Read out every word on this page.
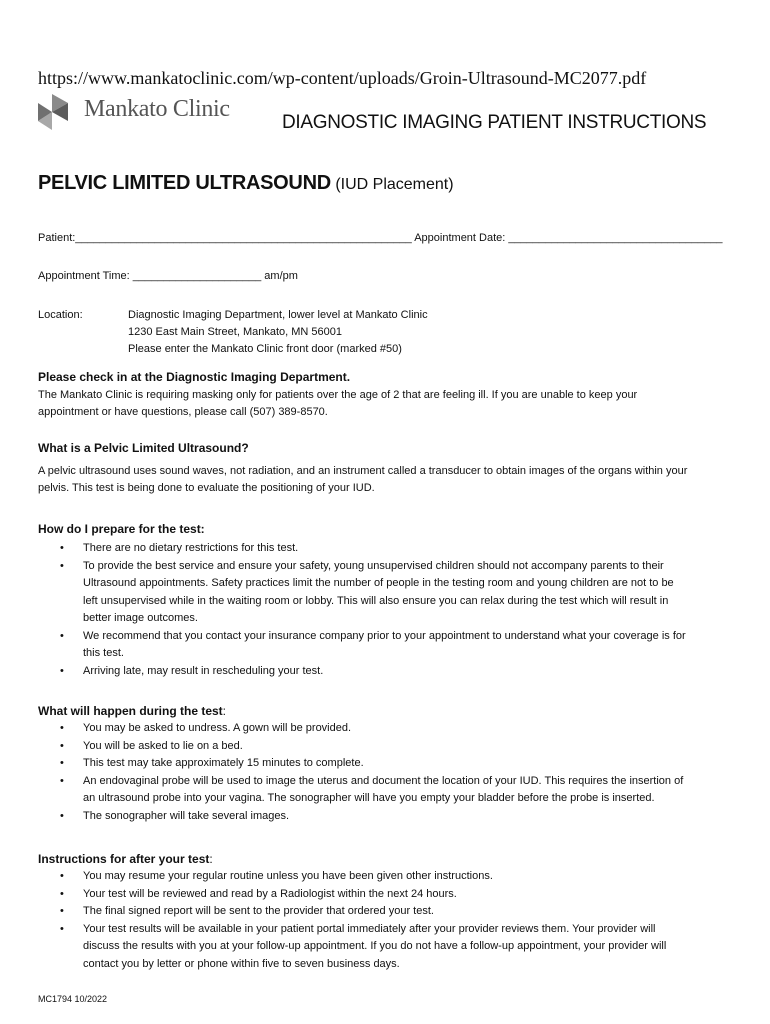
https://www.mankatoclinic.com/wp-content/uploads/Groin-Ultrasound-MC2077.pdf
Mankato Clinic
DIAGNOSTIC IMAGING PATIENT INSTRUCTIONS
PELVIC LIMITED ULTRASOUND (IUD Placement)
Patient:_______________________________________________________ Appointment Date: ___________________________________
Appointment Time: _____________________ am/pm
Location:	Diagnostic Imaging Department, lower level at Mankato Clinic
1230 East Main Street, Mankato, MN 56001
Please enter the Mankato Clinic front door (marked #50)
Please check in at the Diagnostic Imaging Department.
The Mankato Clinic is requiring masking only for patients over the age of 2 that are feeling ill. If you are unable to keep your
appointment or have questions, please call (507) 389-8570.
What is a Pelvic Limited Ultrasound?
A pelvic ultrasound uses sound waves, not radiation, and an instrument called a transducer to obtain images of the organs within your
pelvis. This test is being done to evaluate the positioning of your IUD.
How do I prepare for the test:
• There are no dietary restrictions for this test.
• To provide the best service and ensure your safety, young unsupervised children should not accompany parents to their
Ultrasound appointments. Safety practices limit the number of people in the testing room and young children are not to be
left unsupervised while in the waiting room or lobby. This will also ensure you can relax during the test which will result in
better image outcomes.
• We recommend that you contact your insurance company prior to your appointment to understand what your coverage is for
this test.
• Arriving late, may result in rescheduling your test.
What will happen during the test:
• You may be asked to undress. A gown will be provided.
• You will be asked to lie on a bed.
• This test may take approximately 15 minutes to complete.
• An endovaginal probe will be used to image the uterus and document the location of your IUD. This requires the insertion of
an ultrasound probe into your vagina. The sonographer will have you empty your bladder before the probe is inserted.
• The sonographer will take several images.
Instructions for after your test:
• You may resume your regular routine unless you have been given other instructions.
• Your test will be reviewed and read by a Radiologist within the next 24 hours.
• The final signed report will be sent to the provider that ordered your test.
• Your test results will be available in your patient portal immediately after your provider reviews them. Your provider will
discuss the results with you at your follow-up appointment. If you do not have a follow-up appointment, your provider will
contact you by letter or phone within five to seven business days.
MC1794 10/2022
